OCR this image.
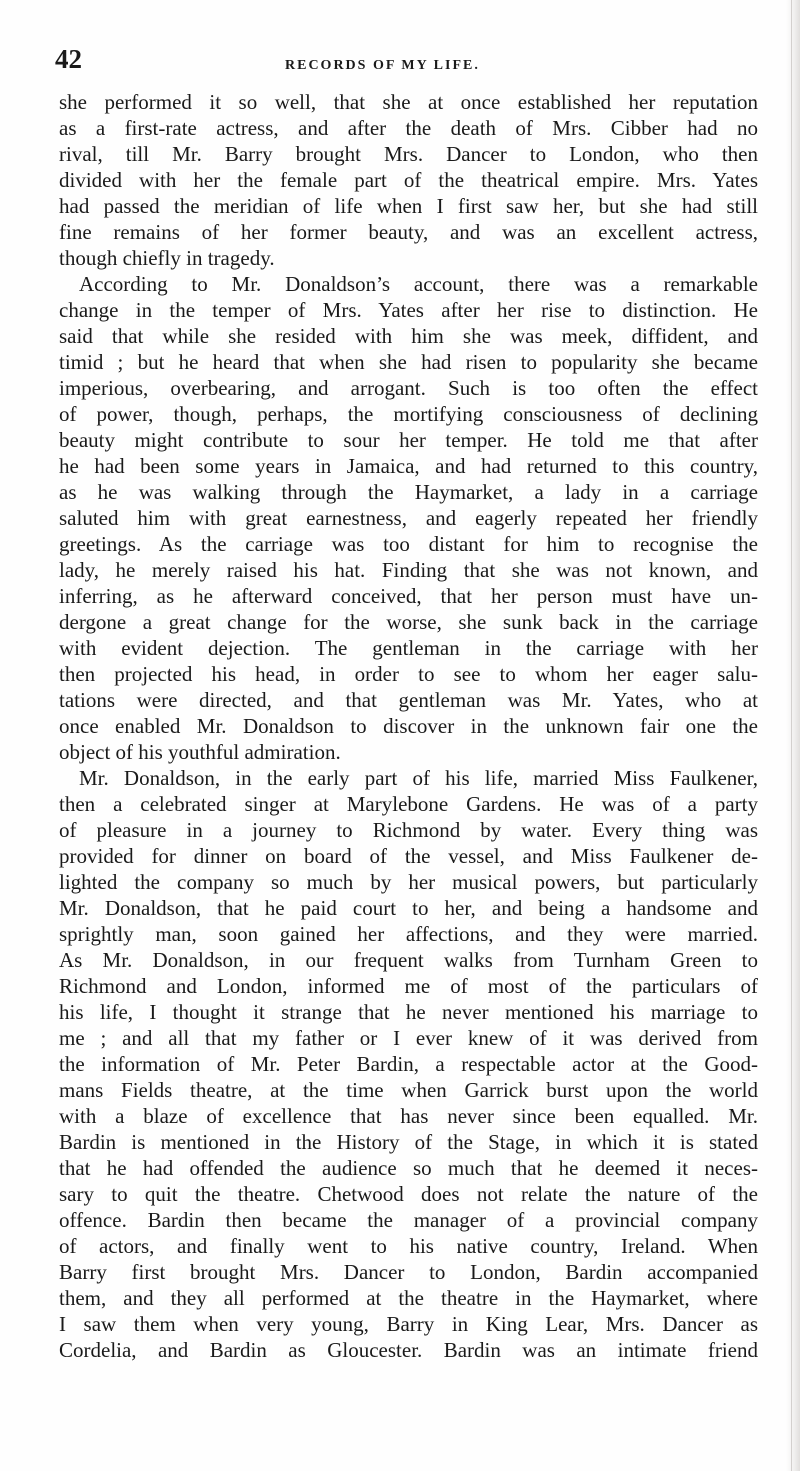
42	RECORDS OF MY LIFE.
she performed it so well, that she at once established her reputation
as a first-rate actress, and after the death of Mrs. Cibber had no
rival, till Mr. Barry brought Mrs. Dancer to London, who then
divided with her the female part of the theatrical empire. Mrs. Yates
had passed the meridian of life when I first saw her, but she had still
fine remains of her former beauty, and was an excellent actress,
though chiefly in tragedy.
According to Mr. Donaldson’s account, there was a remarkable
change in the temper of Mrs. Yates after her rise to distinction. He
said that while she resided with him she was meek, diffident, and
timid ; but he heard that when she had risen to popularity she became
imperious, overbearing, and arrogant. Such is too often the effect
of power, though, perhaps, the mortifying consciousness of declining
beauty might contribute to sour her temper. He told me that after
he had been some years in Jamaica, and had returned to this country,
as he was walking through the Haymarket, a lady in a carriage
saluted him with great earnestness, and eagerly repeated her friendly
greetings. As the carriage was too distant for him to recognise the
lady, he merely raised his hat. Finding that she was not known, and
inferring, as he afterward conceived, that her person must have un-
dergone a great change for the worse, she sunk back in the carriage
with evident dejection. The gentleman in the carriage with her
then projected his head, in order to see to whom her eager salu-
tations were directed, and that gentleman was Mr. Yates, who at
once enabled Mr. Donaldson to discover in the unknown fair one the
object of his youthful admiration.
Mr. Donaldson, in the early part of his life, married Miss Faulkener,
then a celebrated singer at Marylebone Gardens. He was of a party
of pleasure in a journey to Richmond by water. Every thing was
provided for dinner on board of the vessel, and Miss Faulkener de-
lighted the company so much by her musical powers, but particularly
Mr. Donaldson, that he paid court to her, and being a handsome and
sprightly man, soon gained her affections, and they were married.
As Mr. Donaldson, in our frequent walks from Turnham Green to
Richmond and London, informed me of most of the particulars of
his life, I thought it strange that he never mentioned his marriage to
me ; and all that my father or I ever knew of it was derived from
the information of Mr. Peter Bardin, a respectable actor at the Good-
mans Fields theatre, at the time when Garrick burst upon the world
with a blaze of excellence that has never since been equalled. Mr.
Bardin is mentioned in the History of the Stage, in which it is stated
that he had offended the audience so much that he deemed it neces-
sary to quit the theatre. Chetwood does not relate the nature of the
offence. Bardin then became the manager of a provincial company
of actors, and finally went to his native country, Ireland. When
Barry first brought Mrs. Dancer to London, Bardin accompanied
them, and they all performed at the theatre in the Haymarket, where
I saw them when very young, Barry in King Lear, Mrs. Dancer as
Cordelia, and Bardin as Gloucester. Bardin was an intimate friend
